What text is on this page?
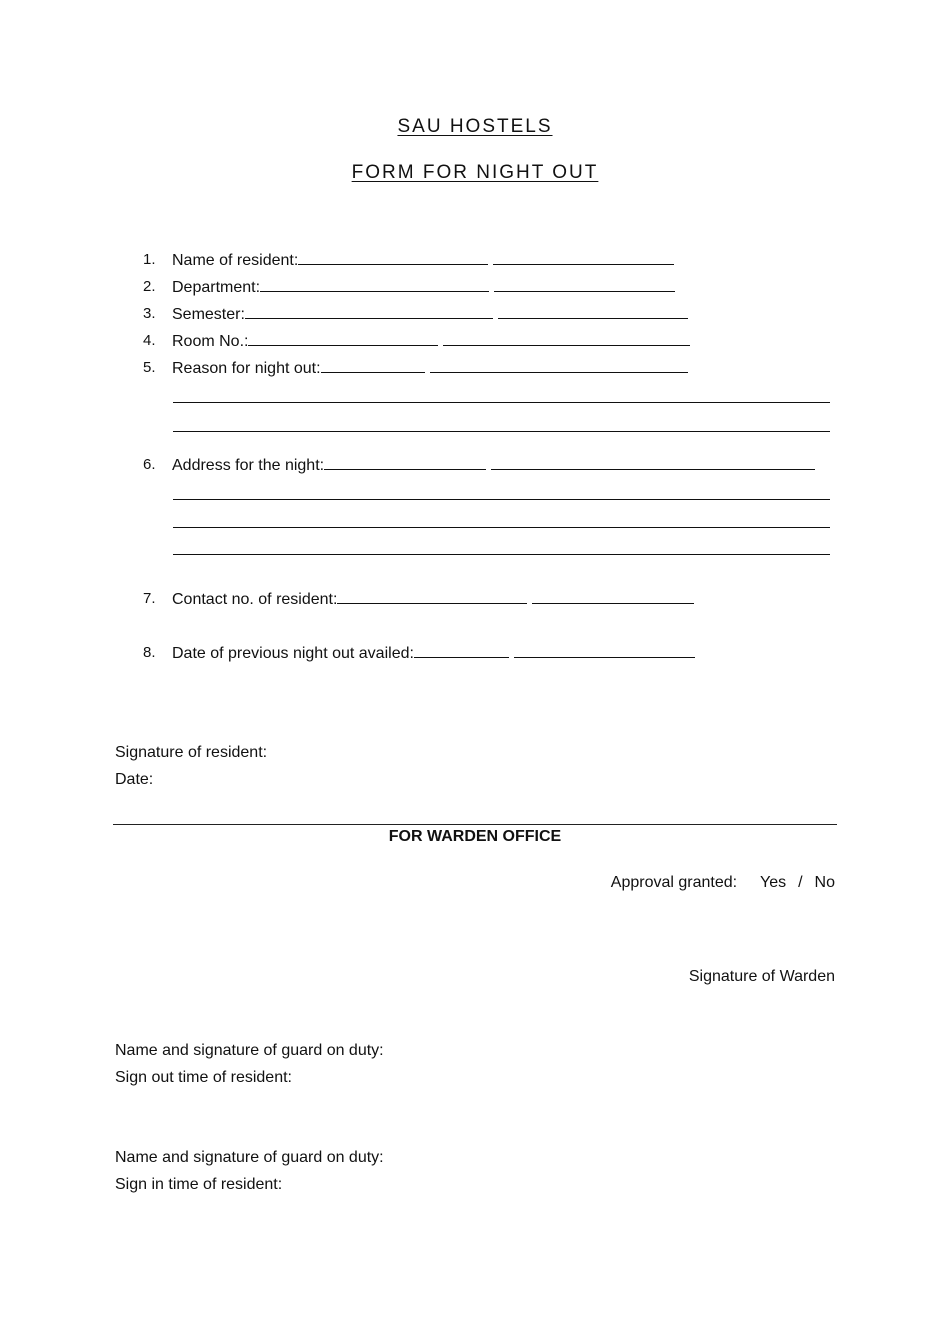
SAU HOSTELS
FORM FOR NIGHT OUT
1.	Name of resident:
2.	Department:
3.	Semester:
4.	Room No.:
5.	Reason for night out:
6.	Address for the night:
7.	Contact no. of resident:
8.	Date of previous night out availed:
Signature of resident:
Date:
FOR WARDEN OFFICE
Approval granted: Yes / No
Signature of Warden
Name and signature of guard on duty:
Sign out time of resident:
Name and signature of guard on duty:
Sign in time of resident:
